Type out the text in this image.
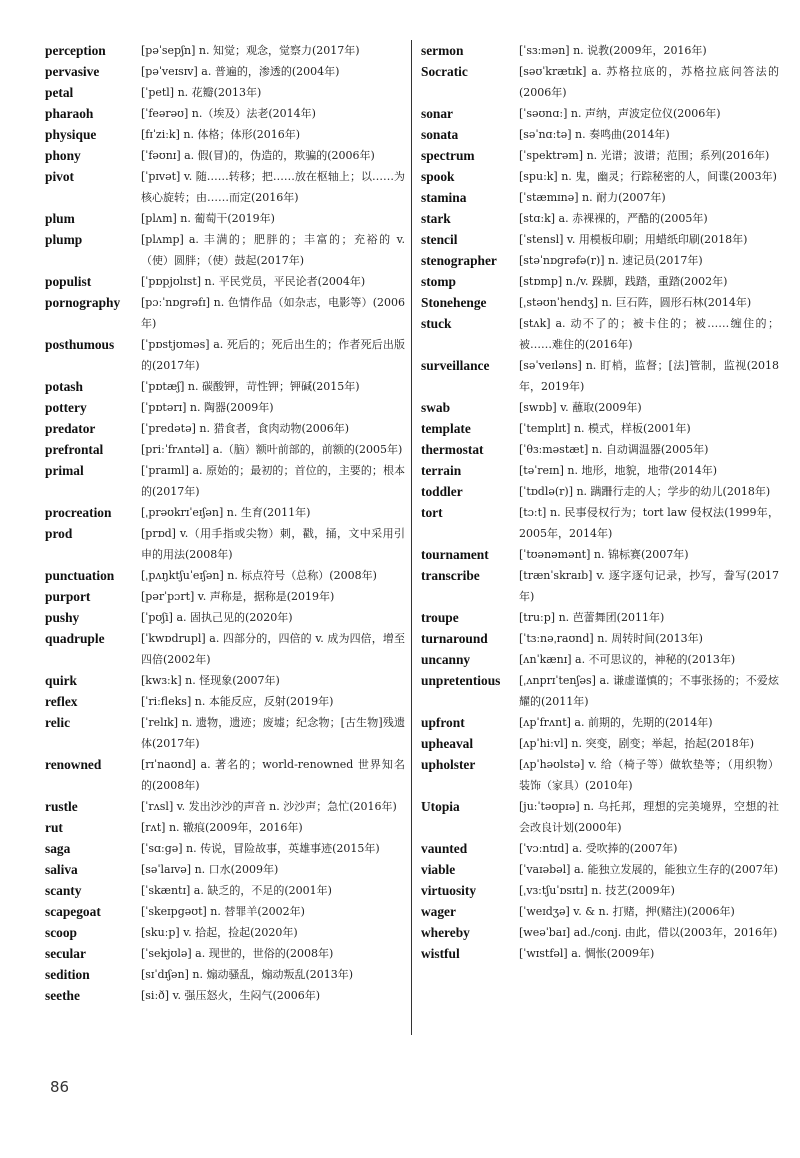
perception	[pəˈsepʃn] n. 知觉；观念，觉察力(2017年)
pervasive	[pəˈveɪsɪv] a. 普遍的，渗透的(2004年)
petal	[ˈpetl] n. 花瓣(2013年)
pharaoh	[ˈfeərəʊ] n.（埃及）法老(2014年)
physique	[fɪˈziːk] n. 体格；体形(2016年)
phony	[ˈfəʊnɪ] a. 假(冒)的，伪造的，欺骗的(2006年)
pivot	[ˈpɪvət] v. 随……转移；把……放在枢轴上；以……为核心旋转；由……而定(2016年)
plum	[plʌm] n. 葡萄干(2019年)
plump	[plʌmp] a. 丰满的；肥胖的；丰富的；充裕的 v.（使）圆胖；（使）鼓起(2017年)
populist	[ˈpɒpjʊlɪst] n. 平民党员，平民论者(2004年)
pornography	[pɔːˈnɒgrəfɪ] n. 色情作品（如杂志，电影等）(2006年)
posthumous	[ˈpɒstjʊməs] a. 死后的；死后出生的；作者死后出版的(2017年)
potash	[ˈpɒtæʃ] n. 碳酸钾，苛性钾；钾碱(2015年)
pottery	[ˈpɒtərɪ] n. 陶器(2009年)
predator	[ˈpredətə] n. 猎食者，食肉动物(2006年)
prefrontal	[priːˈfrʌntəl] a.（脑）额叶前部的，前额的(2005年)
primal	[ˈpraɪml] a. 原始的；最初的；首位的，主要的；根本的(2017年)
procreation	[ˌprəʊkrɪˈeɪʃən] n. 生育(2011年)
prod	[prɒd] v.（用手指或尖物）刺，戳，捅，文中采用引申的用法(2008年)
punctuation	[ˌpʌŋktʃuˈeɪʃən] n. 标点符号（总称）(2008年)
purport	[pərˈpɔrt] v. 声称是，据称是(2019年)
pushy	[ˈpʊʃi] a. 固执己见的(2020年)
quadruple	[ˈkwɒdrupl] a. 四部分的，四倍的 v. 成为四倍，增至四倍(2002年)
quirk	[kwɜːk] n. 怪现象(2007年)
reflex	[ˈriːfleks] n. 本能反应，反射(2019年)
relic	[ˈrelɪk] n. 遗物，遗迹；废墟；纪念物；[古生物]残遗体(2017年)
renowned	[rɪˈnaʊnd] a. 著名的；world-renowned 世界知名的(2008年)
rustle	[ˈrʌsl] v. 发出沙沙的声音 n. 沙沙声；急忙(2016年)
rut	[rʌt] n. 辙痕(2009年，2016年)
saga	[ˈsɑːgə] n. 传说，冒险故事，英雄事迹(2015年)
saliva	[səˈlaɪvə] n. 口水(2009年)
scanty	[ˈskæntɪ] a. 缺乏的，不足的(2001年)
scapegoat	[ˈskeɪpgəʊt] n. 替罪羊(2002年)
scoop	[skuːp] v. 拾起，捡起(2020年)
secular	[ˈsekjʊlə] a. 现世的，世俗的(2008年)
sedition	[sɪˈdɪʃən] n. 煽动骚乱，煽动叛乱(2013年)
seethe	[siːð] v. 强压怒火，生闷气(2006年)
sermon	[ˈsɜːmən] n. 说教(2009年，2016年)
Socratic	[səʊˈkrætɪk] a. 苏格拉底的，苏格拉底问答法的(2006年)
sonar	[ˈsəʊnɑː] n. 声纳，声波定位仪(2006年)
sonata	[səˈnɑːtə] n. 奏鸣曲(2014年)
spectrum	[ˈspektrəm] n. 光谱；波谱；范围；系列(2016年)
spook	[spuːk] n. 鬼，幽灵；行踪秘密的人，间谍(2003年)
stamina	[ˈstæmɪnə] n. 耐力(2007年)
stark	[stɑːk] a. 赤裸裸的，严酷的(2005年)
stencil	[ˈstensl] v. 用模板印刷；用蜡纸印刷(2018年)
stenographer	[stəˈnɒgrəfə(r)] n. 速记员(2017年)
stomp	[stɒmp] n./v. 跺脚，践踏，重踏(2002年)
Stonehenge	[ˌstəʊnˈhendʒ] n. 巨石阵，圆形石林(2014年)
stuck	[stʌk] a. 动不了的；被卡住的；被……缠住的；被……难住的(2016年)
surveillance	[səˈveɪləns] n. 盯梢，监督；[法]管制，监视(2018年，2019年)
swab	[swɒb] v. 蘸取(2009年)
template	[ˈtemplɪt] n. 模式，样板(2001年)
thermostat	[ˈθɜːməstæt] n. 自动调温器(2005年)
terrain	[təˈreɪn] n. 地形，地貌，地带(2014年)
toddler	[ˈtɒdlə(r)] n. 蹒跚行走的人；学步的幼儿(2018年)
tort	[tɔːt] n. 民事侵权行为；tort law 侵权法(1999年，2005年，2014年)
tournament	[ˈtʊənəmənt] n. 锦标赛(2007年)
transcribe	[trænˈskraɪb] v. 逐字逐句记录，抄写，誊写(2017年)
troupe	[truːp] n. 芭蕾舞团(2011年)
turnaround	[ˈtɜːnəˌraʊnd] n. 周转时间(2013年)
uncanny	[ʌnˈkænɪ] a. 不可思议的，神秘的(2013年)
unpretentious	[ˌʌnprɪˈtenʃəs] a. 谦虚谨慎的；不事张扬的；不爱炫耀的(2011年)
upfront	[ʌpˈfrʌnt] a. 前期的，先期的(2014年)
upheaval	[ʌpˈhiːvl] n. 突变，剧变；举起，抬起(2018年)
upholster	[ʌpˈhəʊlstə] v. 给（椅子等）做软垫等；（用织物）装饰（家具）(2010年)
Utopia	[juːˈtəʊpɪə] n. 乌托邦，理想的完美境界，空想的社会改良计划(2000年)
vaunted	[ˈvɔːntɪd] a. 受吹捧的(2007年)
viable	[ˈvaɪəbəl] a. 能独立发展的，能独立生存的(2007年)
virtuosity	[ˌvɜːtʃuˈɒsɪtɪ] n. 技艺(2009年)
wager	[ˈweɪdʒə] v. & n. 打赌，押(赌注)(2006年)
whereby	[weəˈbaɪ] ad./conj. 由此，借以(2003年，2016年)
wistful	[ˈwɪstfəl] a. 惆怅(2009年)
86
